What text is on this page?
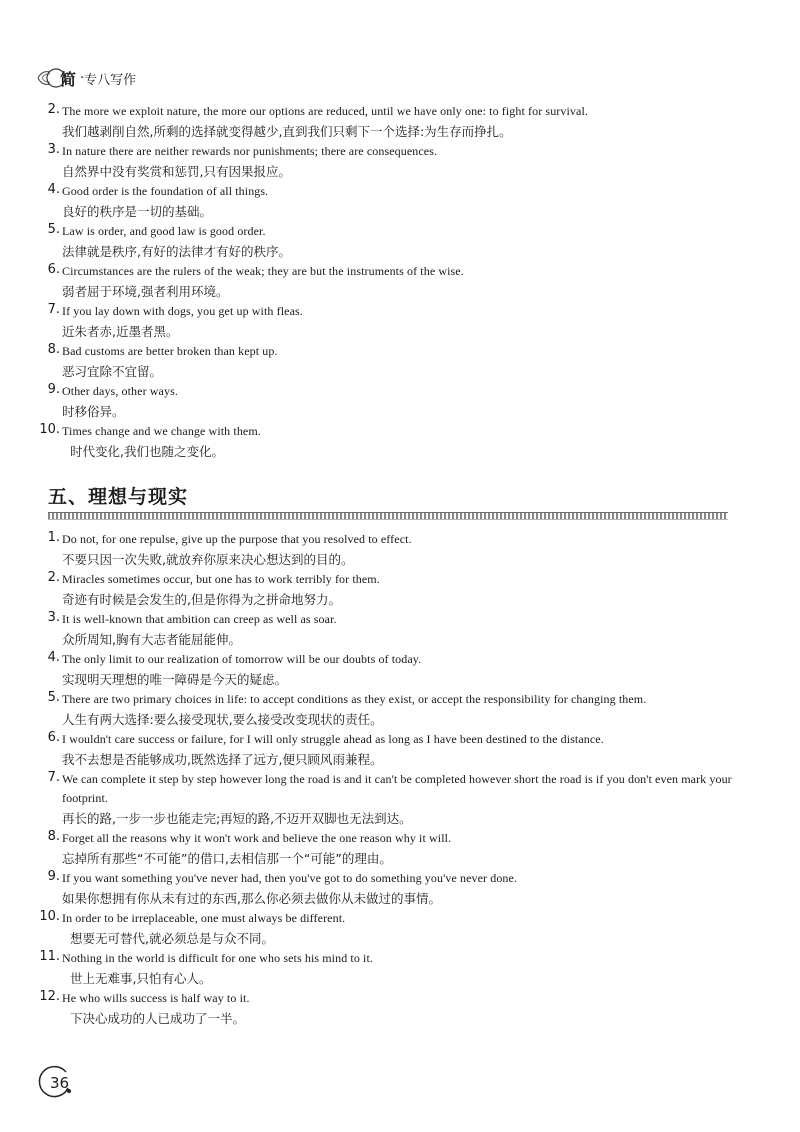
简 · 专八写作
2. The more we exploit nature, the more our options are reduced, until we have only one: to fight for survival.
我们越剥削自然,所剩的选择就变得越少,直到我们只剩下一个选择:为生存而挣扎。
3. In nature there are neither rewards nor punishments; there are consequences.
自然界中没有奖赏和惩罚,只有因果报应。
4. Good order is the foundation of all things.
良好的秩序是一切的基础。
5. Law is order, and good law is good order.
法律就是秩序,有好的法律才有好的秩序。
6. Circumstances are the rulers of the weak; they are but the instruments of the wise.
弱者屈于环境,强者利用环境。
7. If you lay down with dogs, you get up with fleas.
近朱者赤,近墨者黑。
8. Bad customs are better broken than kept up.
恶习宜除不宜留。
9. Other days, other ways.
时移俗异。
10. Times change and we change with them.
时代变化,我们也随之变化。
五、理想与现实
1. Do not, for one repulse, give up the purpose that you resolved to effect.
不要只因一次失败,就放弃你原来决心想达到的目的。
2. Miracles sometimes occur, but one has to work terribly for them.
奇迹有时候是会发生的,但是你得为之拼命地努力。
3. It is well-known that ambition can creep as well as soar.
众所周知,胸有大志者能屈能伸。
4. The only limit to our realization of tomorrow will be our doubts of today.
实现明天理想的唯一障碍是今天的疑虑。
5. There are two primary choices in life: to accept conditions as they exist, or accept the responsibility for changing them.
人生有两大选择:要么接受现状,要么接受改变现状的责任。
6. I wouldn't care success or failure, for I will only struggle ahead as long as I have been destined to the distance.
我不去想是否能够成功,既然选择了远方,便只顾风雨兼程。
7. We can complete it step by step however long the road is and it can't be completed however short the road is if you don't even mark your footprint.
再长的路,一步一步也能走完;再短的路,不迈开双脚也无法到达。
8. Forget all the reasons why it won't work and believe the one reason why it will.
忘掉所有那些“不可能”的借口,去相信那一个“可能”的理由。
9. If you want something you've never had, then you've got to do something you've never done.
如果你想拥有你从未有过的东西,那么你必须去做你从未做过的事情。
10. In order to be irreplaceable, one must always be different.
想要无可替代,就必须总是与众不同。
11. Nothing in the world is difficult for one who sets his mind to it.
世上无难事,只怕有心人。
12. He who wills success is half way to it.
下决心成功的人已成功了一半。
36
